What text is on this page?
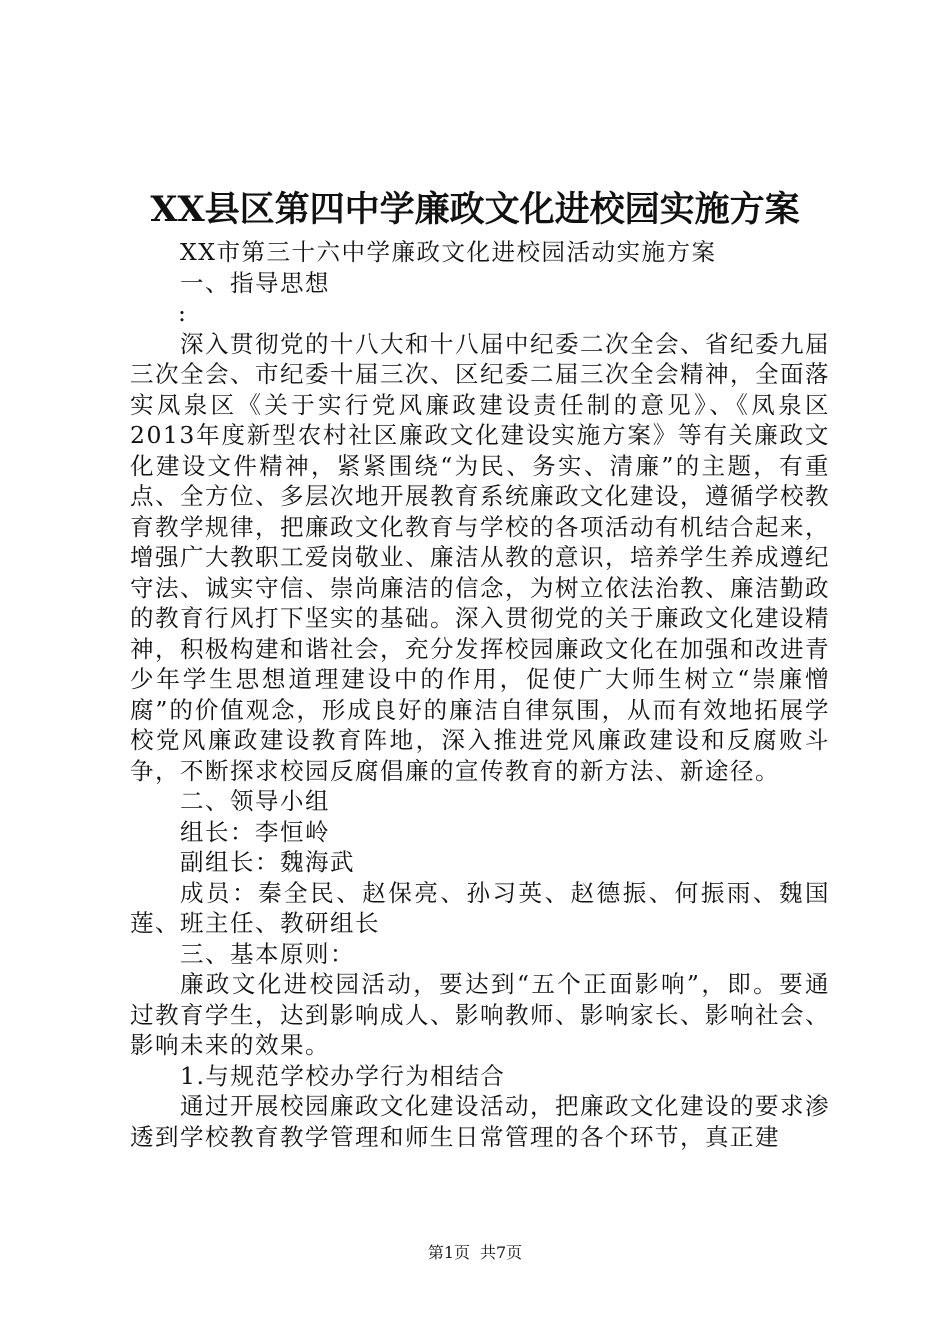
XX县区第四中学廉政文化进校园实施方案

XX市第三十六中学廉政文化进校园活动实施方案

一、指导思想

:

深入贯彻党的十八大和十八届中纪委二次全会、省纪委九届三次全会、市纪委十届三次、区纪委二届三次全会精神，全面落实凤泉区《关于实行党风廉政建设责任制的意见》、《凤泉区2013年度新型农村社区廉政文化建设实施方案》等有关廉政文化建设文件精神，紧紧围绕“为民、务实、清廉”的主题，有重点、全方位、多层次地开展教育系统廉政文化建设，遵循学校教育教学规律，把廉政文化教育与学校的各项活动有机结合起来，增强广大教职工爱岗敬业、廉洁从教的意识，培养学生养成遵纪守法、诚实守信、崇尚廉洁的信念，为树立依法治教、廉洁勤政的教育行风打下坚实的基础。深入贯彻党的关于廉政文化建设精神，积极构建和谐社会，充分发挥校园廉政文化在加强和改进青少年学生思想道理建设中的作用，促使广大师生树立“崇廉憎腐”的价值观念，形成良好的廉洁自律氛围，从而有效地拓展学校党风廉政建设教育阵地，深入推进党风廉政建设和反腐败斗争，不断探求校园反腐倡廉的宣传教育的新方法、新途径。

二、领导小组

组长：李恒岭

副组长：魏海武

成员：秦全民、赵保亮、孙习英、赵德振、何振雨、魏国莲、班主任、教研组长

三、基本原则：

廉政文化进校园活动，要达到“五个正面影响”，即。要通过教育学生，达到影响成人、影响教师、影响家长、影响社会、影响未来的效果。

1.与规范学校办学行为相结合

通过开展校园廉政文化建设活动，把廉政文化建设的要求渗透到学校教育教学管理和师生日常管理的各个环节，真正建

第1页 共7页
